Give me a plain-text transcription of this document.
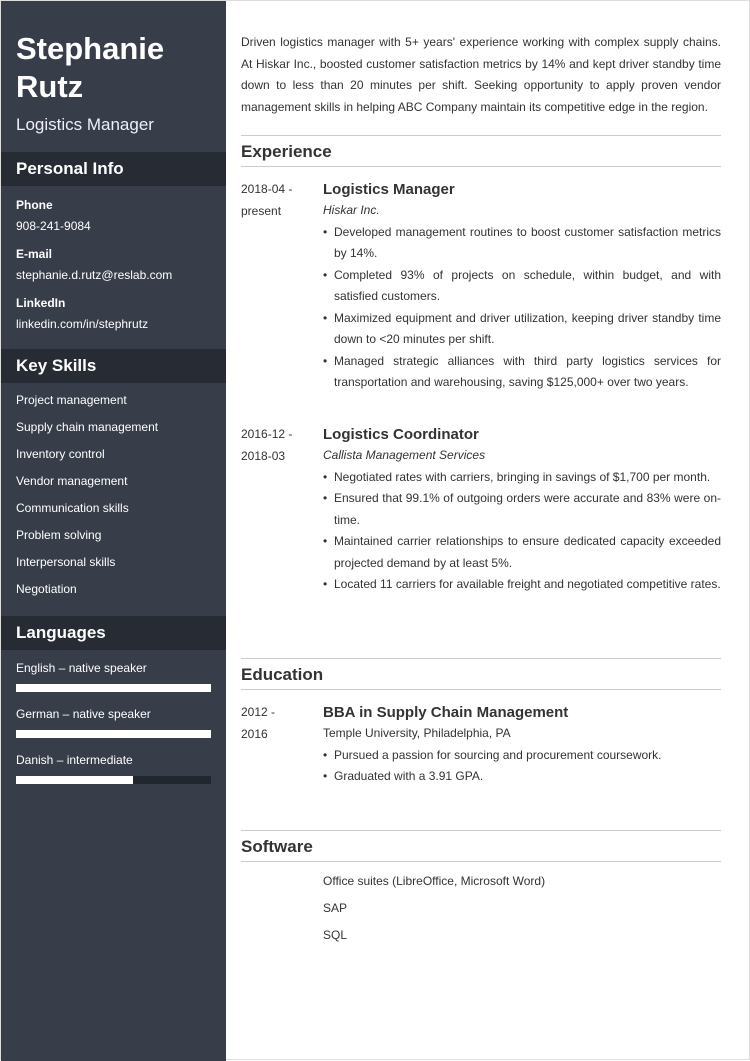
Stephanie
Rutz
Logistics Manager
Personal Info
Phone
908-241-9084
E-mail
stephanie.d.rutz@reslab.com
LinkedIn
linkedin.com/in/stephrutz
Key Skills
Project management
Supply chain management
Inventory control
Vendor management
Communication skills
Problem solving
Interpersonal skills
Negotiation
Languages
English – native speaker
German – native speaker
Danish – intermediate

Driven logistics manager with 5+ years' experience working with complex supply chains. At Hiskar Inc., boosted customer satisfaction metrics by 14% and kept driver standby time down to less than 20 minutes per shift. Seeking opportunity to apply proven vendor management skills in helping ABC Company maintain its competitive edge in the region.

Experience
2018-04 -
present
Logistics Manager
Hiskar Inc.
• Developed management routines to boost customer satisfaction metrics by 14%.
• Completed 93% of projects on schedule, within budget, and with satisfied customers.
• Maximized equipment and driver utilization, keeping driver standby time down to <20 minutes per shift.
• Managed strategic alliances with third party logistics services for transportation and warehousing, saving $125,000+ over two years.
2016-12 -
2018-03
Logistics Coordinator
Callista Management Services
• Negotiated rates with carriers, bringing in savings of $1,700 per month.
• Ensured that 99.1% of outgoing orders were accurate and 83% were on-time.
• Maintained carrier relationships to ensure dedicated capacity exceeded projected demand by at least 5%.
• Located 11 carriers for available freight and negotiated competitive rates.
Education
2012 -
2016
BBA in Supply Chain Management
Temple University, Philadelphia, PA
• Pursued a passion for sourcing and procurement coursework.
• Graduated with a 3.91 GPA.
Software
Office suites (LibreOffice, Microsoft Word)
SAP
SQL
